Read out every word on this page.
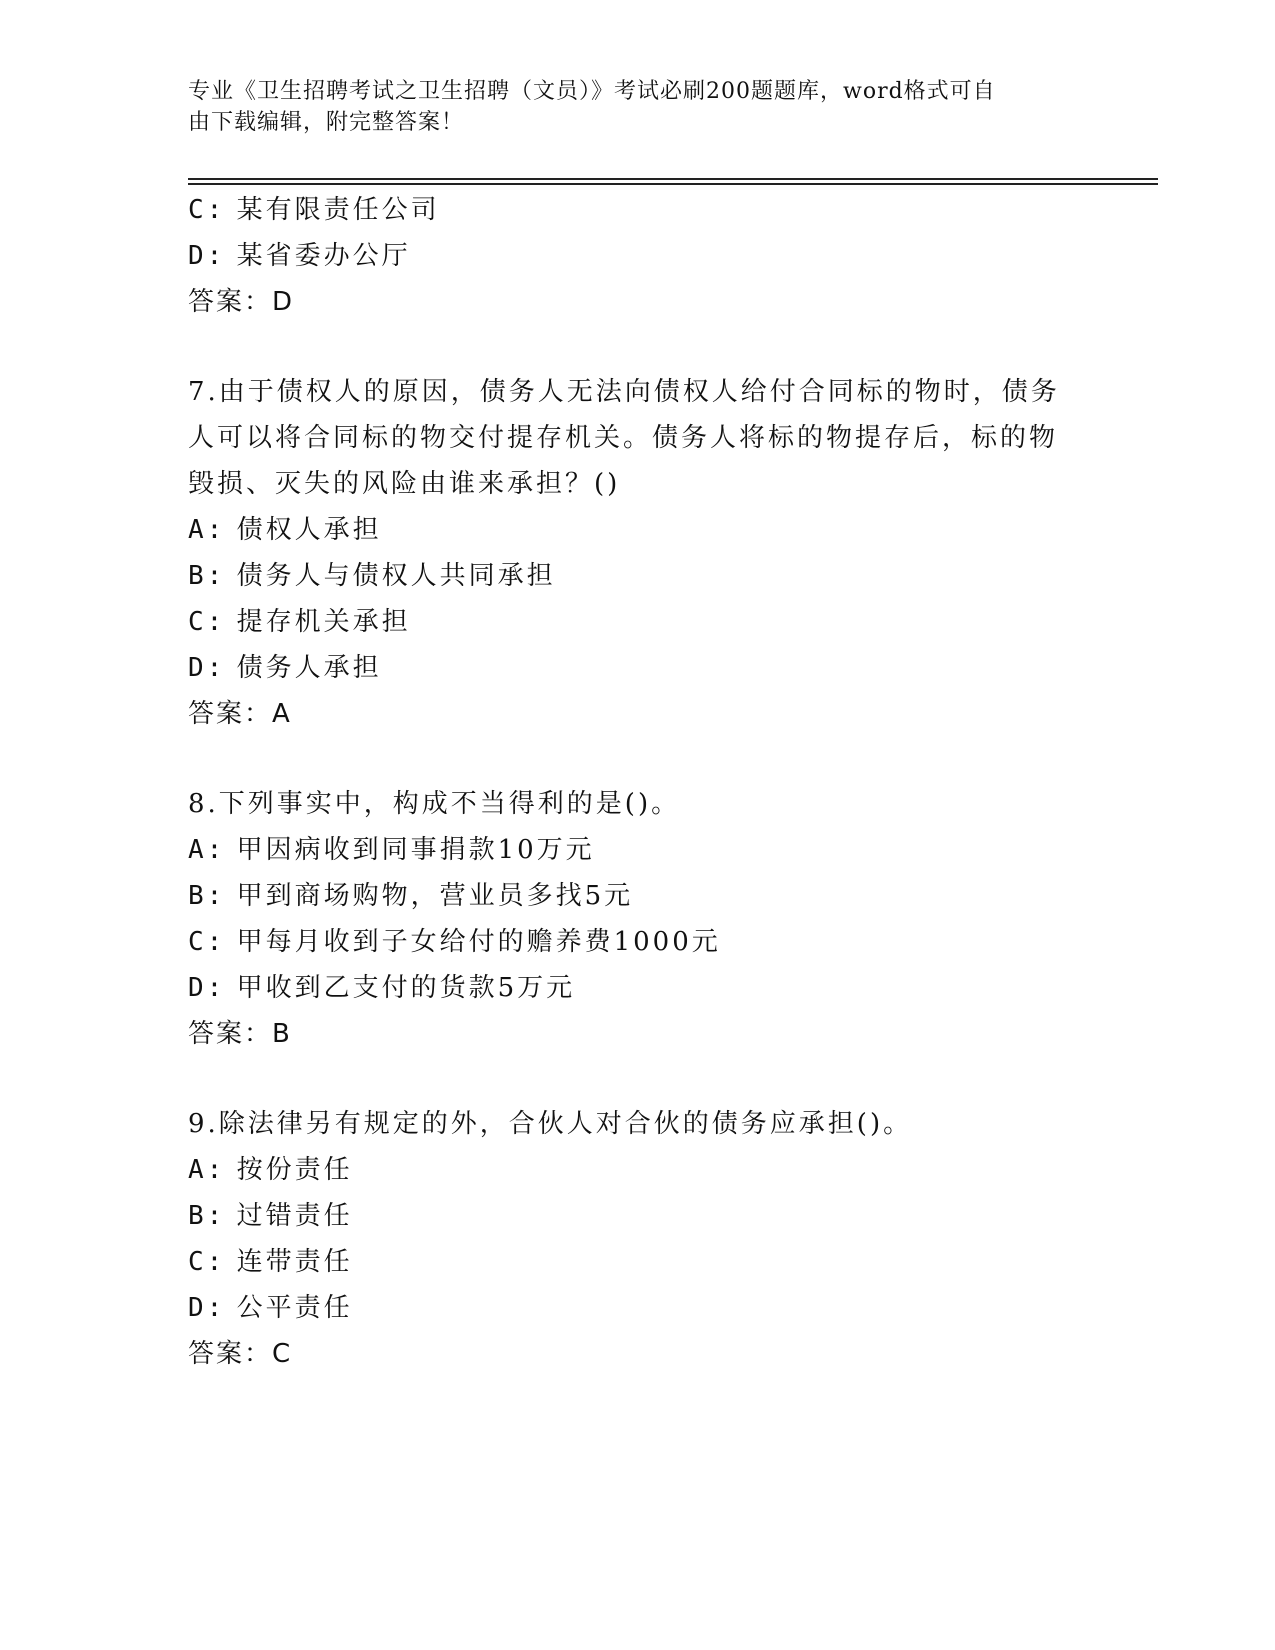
专业《卫生招聘考试之卫生招聘（文员）》考试必刷200题题库，word格式可自
由下载编辑，附完整答案！

C: 某有限责任公司
D: 某省委办公厅
答案：D
7.由于债权人的原因，债务人无法向债权人给付合同标的物时，债务
人可以将合同标的物交付提存机关。债务人将标的物提存后，标的物
毁损、灭失的风险由谁来承担？()
A: 债权人承担
B: 债务人与债权人共同承担
C: 提存机关承担
D: 债务人承担
答案：A
8.下列事实中，构成不当得利的是()。
A: 甲因病收到同事捐款10万元
B: 甲到商场购物，营业员多找5元
C: 甲每月收到子女给付的赡养费1000元
D: 甲收到乙支付的货款5万元
答案：B
9.除法律另有规定的外，合伙人对合伙的债务应承担()。
A: 按份责任
B: 过错责任
C: 连带责任
D: 公平责任
答案：C
